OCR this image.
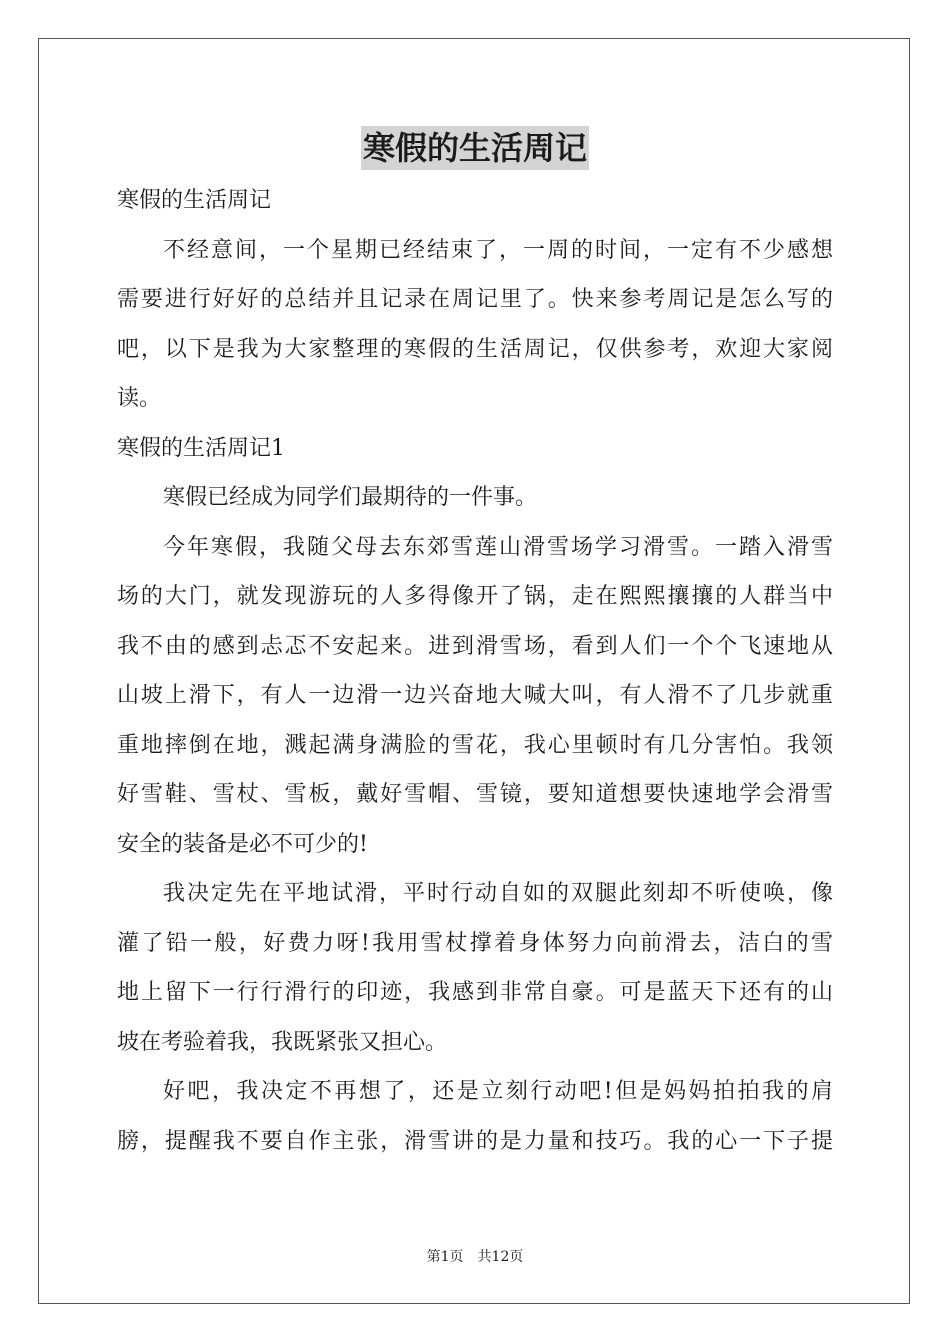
寒假的生活周记
寒假的生活周记
不经意间，一个星期已经结束了，一周的时间，一定有不少感想
需要进行好好的总结并且记录在周记里了。快来参考周记是怎么写的
吧，以下是我为大家整理的寒假的生活周记，仅供参考，欢迎大家阅
读。
寒假的生活周记1
寒假已经成为同学们最期待的一件事。
今年寒假，我随父母去东郊雪莲山滑雪场学习滑雪。一踏入滑雪
场的大门，就发现游玩的人多得像开了锅，走在熙熙攘攘的人群当中
我不由的感到忐忑不安起来。进到滑雪场，看到人们一个个飞速地从
山坡上滑下，有人一边滑一边兴奋地大喊大叫，有人滑不了几步就重
重地摔倒在地，溅起满身满脸的雪花，我心里顿时有几分害怕。我领
好雪鞋、雪杖、雪板，戴好雪帽、雪镜，要知道想要快速地学会滑雪
安全的装备是必不可少的!
我决定先在平地试滑，平时行动自如的双腿此刻却不听使唤，像
灌了铅一般，好费力呀!我用雪杖撑着身体努力向前滑去，洁白的雪
地上留下一行行滑行的印迹，我感到非常自豪。可是蓝天下还有的山
坡在考验着我，我既紧张又担心。
好吧，我决定不再想了，还是立刻行动吧!但是妈妈拍拍我的肩
膀，提醒我不要自作主张，滑雪讲的是力量和技巧。我的心一下子提
第1页　共12页
